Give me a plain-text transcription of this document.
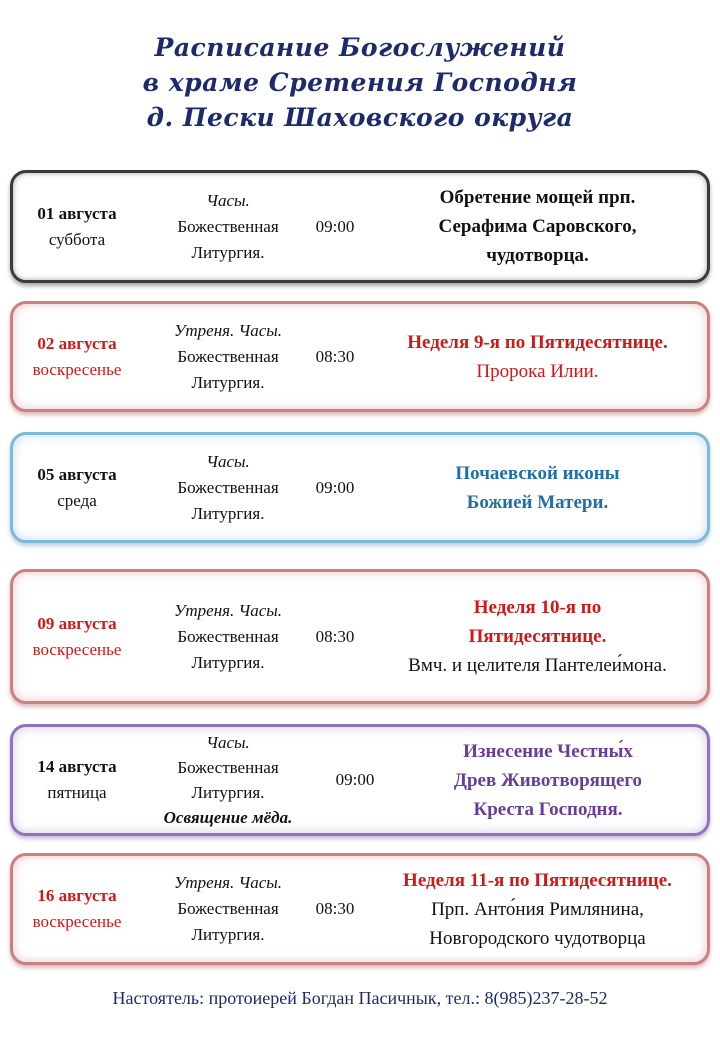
Расписание Богослужений
в храме Сретения Господня
д. Пески Шаховского округа
01 августа
суббота
Часы.
Божественная
Литургия.
09:00
Обретение мощей прп.
Серафима Саровского,
чудотворца.
02 августа
воскресенье
Утреня. Часы.
Божественная
Литургия.
08:30
Неделя 9-я по Пятидесятнице.
Пророка Илии.
05 августа
среда
Часы.
Божественная
Литургия.
09:00
Почаевской иконы
Божией Матери.
09 августа
воскресенье
Утреня. Часы.
Божественная
Литургия.
08:30
Неделя 10-я по
Пятидесятнице.
Вмч. и целителя Пантелеи́мона.
14 августа
пятница
Часы.
Божественная
Литургия.
Освящение мёда.
09:00
Изнесение Честны́х
Древ Животворящего
Креста Господня.
16 августа
воскресенье
Утреня. Часы.
Божественная
Литургия.
08:30
Неделя 11-я по Пятидесятнице.
Прп. Анто́ния Римлянина,
Новгородского чудотворца
Настоятель: протоиерей Богдан Пасичнык, тел.: 8(985)237-28-52
